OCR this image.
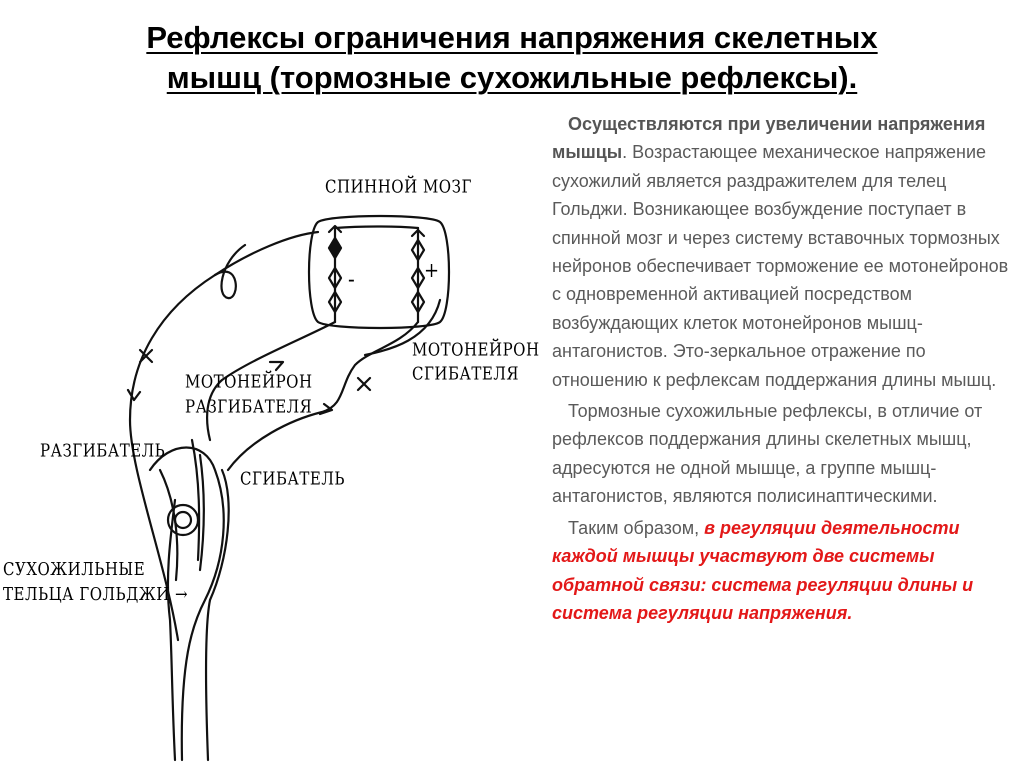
Рефлексы ограничения напряжения скелетных
мышц (тормозные сухожильные рефлексы).
СПИННОЙ МОЗГ
-	+
МОТОНЕЙРОН
СГИБАТЕЛЯ
МОТОНЕЙРОН
РАЗГИБАТЕЛЯ
РАЗГИБАТЕЛЬ
СГИБАТЕЛЬ
СУХОЖИЛЬНЫЕ
ТЕЛЬЦА ГОЛЬДЖИ →

Осуществляются при увеличении напряжения мышцы. Возрастающее механическое напряжение сухожилий является раздражителем для телец Гольджи. Возникающее возбуждение поступает в спинной мозг и через систему вставочных тормозных нейронов обеспечивает торможение ее мотонейронов с одновременной активацией посредством возбуждающих клеток мотонейронов мышц-антагонистов. Это-зеркальное отражение по отношению к рефлексам поддержания длины мышц.

Тормозные сухожильные рефлексы, в отличие от рефлексов поддержания длины скелетных мышц, адресуются не одной мышце, а группе мышц-антагонистов, являются полисинаптическими.

Таким образом, в регуляции деятельности каждой мышцы участвуют две системы обратной связи: система регуляции длины и система регуляции напряжения.
